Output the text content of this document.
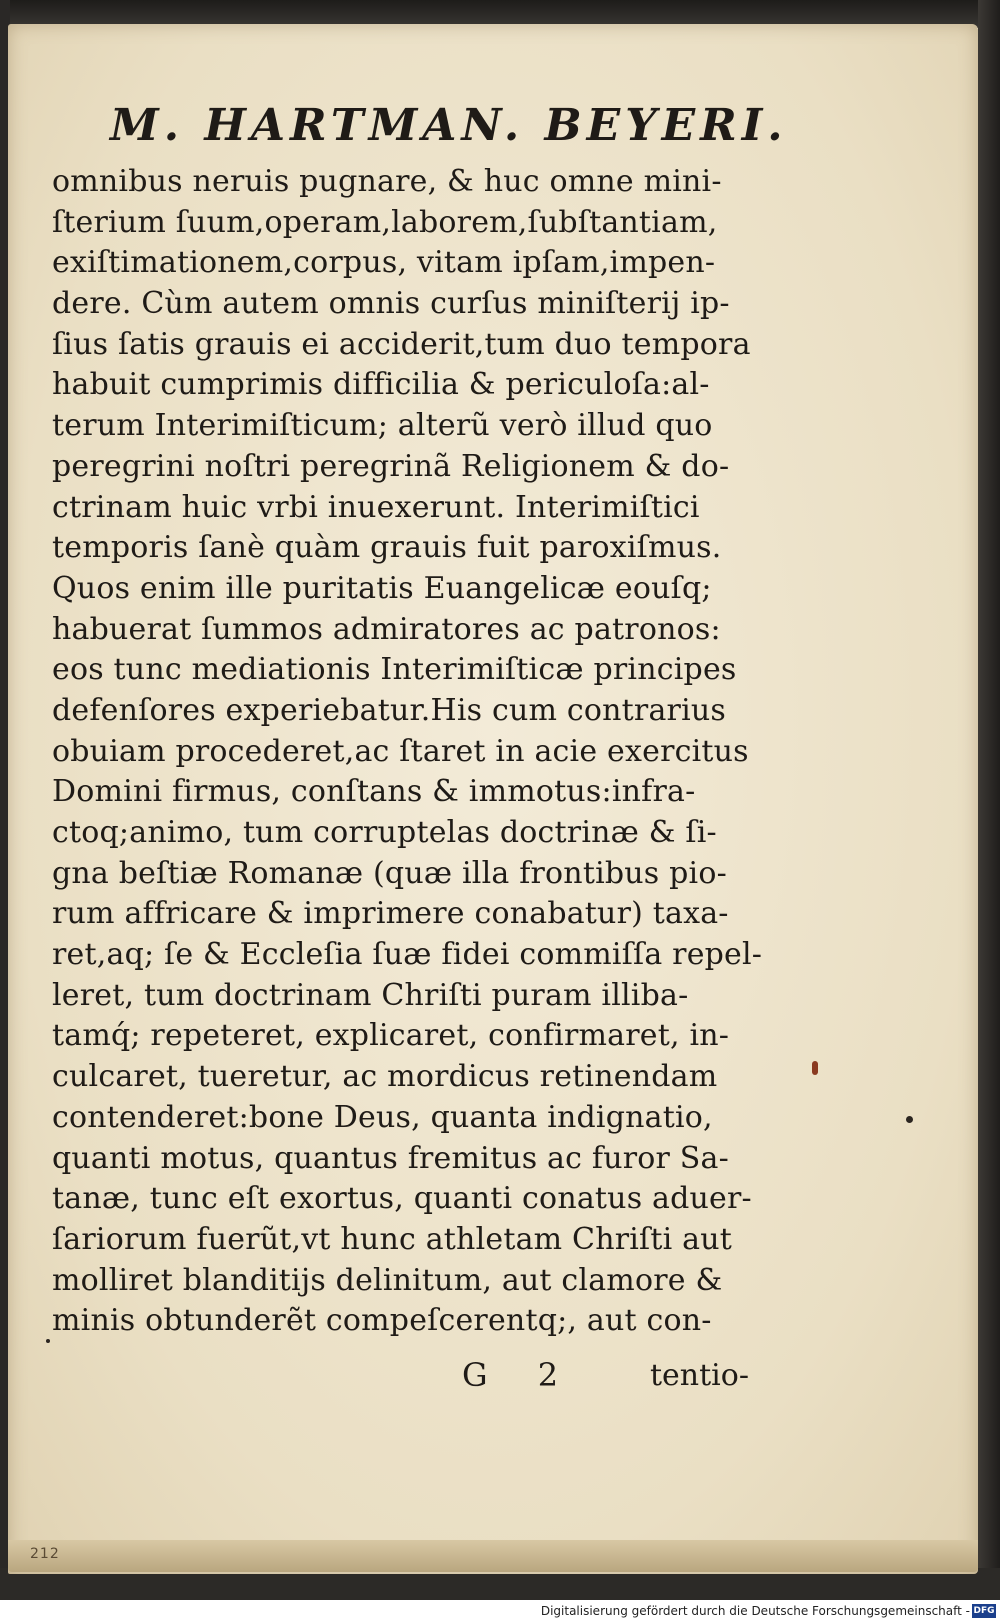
212
M. HARTMAN. BEYERI.
omnibus neruis pugnare, & huc omne mini-
ſterium ſuum,operam,laborem,ſubſtantiam,
exiſtimationem,corpus, vitam ipſam,impen-
dere. Cùm autem omnis curſus miniſterij ip-
ſius ſatis grauis ei acciderit,tum duo tempora
habuit cumprimis difficilia & periculoſa:al-
terum Interimiſticum; alterũ verò illud quo
peregrini noſtri peregrinã Religionem & do-
ctrinam huic vrbi inuexerunt. Interimiſtici
temporis ſanè quàm grauis fuit paroxiſmus.
Quos enim ille puritatis Euangelicæ eouſq;
habuerat ſummos admiratores ac patronos:
eos tunc mediationis Interimiſticæ principes
defenſores experiebatur.His cum contrarius
obuiam procederet,ac ſtaret in acie exercitus
Domini firmus, conſtans & immotus:infra-
ctoq;animo, tum corruptelas doctrinæ & ſi-
gna beſtiæ Romanæ (quæ illa frontibus pio-
rum affricare & imprimere conabatur) taxa-
ret,aq; ſe & Eccleſia ſuæ fidei commiſſa repel-
leret, tum doctrinam Chriſti puram illiba-
tamq́; repeteret, explicaret, confirmaret, in-
culcaret, tueretur, ac mordicus retinendam
contenderet:bone Deus, quanta indignatio,
quanti motus, quantus fremitus ac furor Sa-
tanæ, tunc eſt exortus, quanti conatus aduer-
ſariorum fuerũt,vt hunc athletam Chriſti aut
molliret blanditijs delinitum, aut clamore &
minis obtunderẽt compeſcerentq;, aut con-
G 2 tentio-
Digitalisierung gefördert durch die Deutsche Forschungsgemeinschaft - DFG
